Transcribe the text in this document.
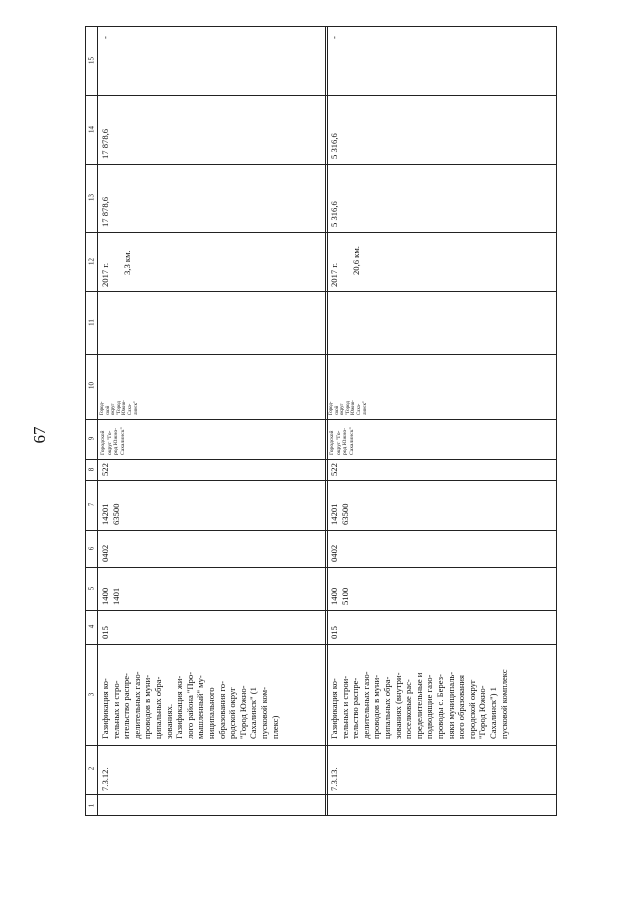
67
15
14
13
12
11
10
9
8
7
6
5
4
3
2
1
7.3.12.
Газификация ко-
тельных и стро-
ительство распре-
делительных газо-
проводов в муни-
ципальных обра-
зованиях.
Газификация жи-
лого района "Про-
мышленный" му-
ниципального
образования го-
родской округ
"Город Южно-
Сахалинск" (1
пусковой ком-
плекс)
015
1400
1401
0402
14201
63500
522
Городской
округ "Го-
род Южно-
Сахалинск"
Город-
ской
округ
"Город
Южно-
Саха-
линск"
2017 г. 3,3 км.
17 878,6
17 878,6
-
7.3.13.
Газификация ко-
тельных и строи-
тельство распре-
делительных газо-
проводов в муни-
ципальных обра-
зованиях (внутри-
поселковые рас-
пределительные и
подводящие газо-
проводы с. Берез-
няки муниципаль-
ного образования
городской округ
"Город Южно-
Сахалинск") 1
пусковой комплекс
015
1400
5100
0402
14201
63500
522
Городской
округ "Го-
род Южно-
Сахалинск"
Город-
ской
округ
"Город
Южно-
Саха-
линск"
2017 г. 20,6 км.
5 316,6
5 316,6
-
